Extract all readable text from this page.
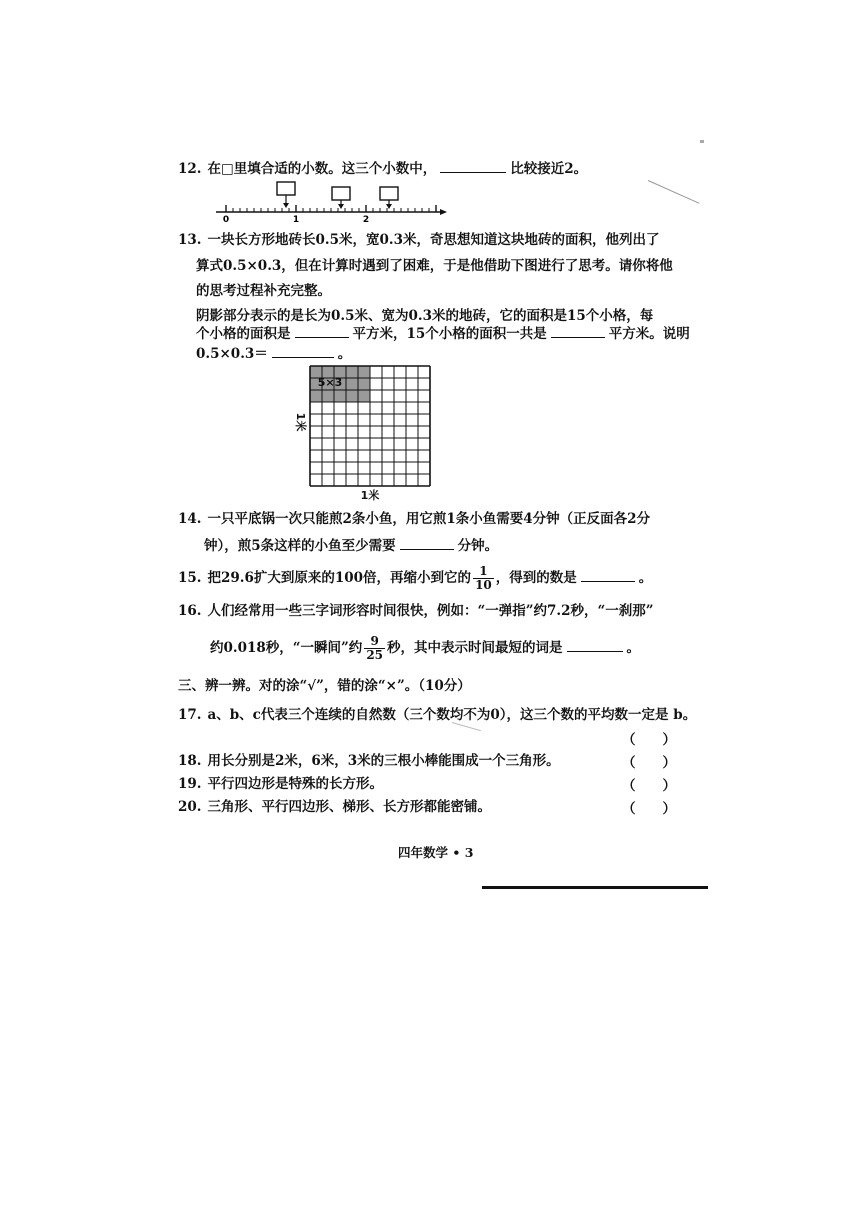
12. 在□里填合适的小数。这三个小数中，	比较接近2。
0	1	2
13. 一块长方形地砖长0.5米，宽0.3米，奇思想知道这块地砖的面积，他列出了
算式0.5×0.3，但在计算时遇到了困难，于是他借助下图进行了思考。请你将他
的思考过程补充完整。
阴影部分表示的是长为0.5米、宽为0.3米的地砖，它的面积是15个小格，每
个小格的面积是	平方米，15个小格的面积一共是	平方米。说明
0.5×0.3＝	。
5×3
1米
1米
14. 一只平底锅一次只能煎2条小鱼，用它煎1条小鱼需要4分钟（正反面各2分
钟），煎5条这样的小鱼至少需要	分钟。
15. 把29.6扩大到原来的100倍，再缩小到它的 $\frac{1}{10}$ ，得到的数是	。
16. 人们经常用一些三字词形容时间很快，例如：“一弹指”约7.2秒，“一刹那”
约0.018秒，“一瞬间”约 $\frac{9}{25}$ 秒，其中表示时间最短的词是	。
三、辨一辨。对的涂“√”，错的涂“×”。（10分）
17. a、b、c代表三个连续的自然数（三个数均不为0），这三个数的平均数一定是 b。
（　　）
18. 用长分别是2米，6米，3米的三根小棒能围成一个三角形。	（　　）
19. 平行四边形是特殊的长方形。	（　　）
20. 三角形、平行四边形、梯形、长方形都能密铺。	（　　）
四年数学 • 3
